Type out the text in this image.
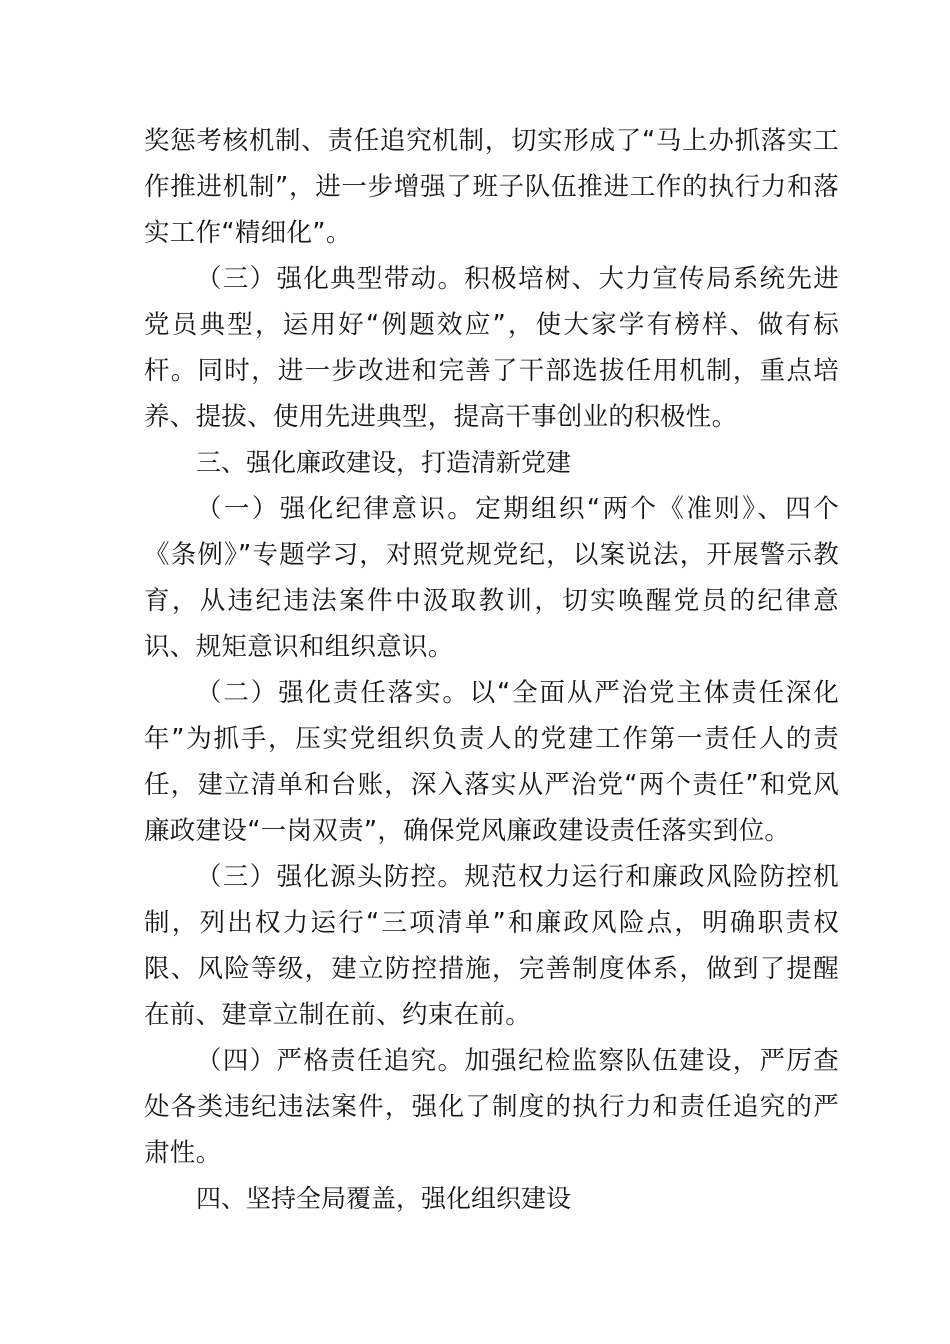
奖惩考核机制、责任追究机制，切实形成了“马上办抓落实工作推进机制”，进一步增强了班子队伍推进工作的执行力和落实工作“精细化”。

（三）强化典型带动。积极培树、大力宣传局系统先进党员典型，运用好“例题效应”，使大家学有榜样、做有标杆。同时，进一步改进和完善了干部选拔任用机制，重点培养、提拔、使用先进典型，提高干事创业的积极性。

三、强化廉政建设，打造清新党建

（一）强化纪律意识。定期组织“两个《准则》、四个《条例》”专题学习，对照党规党纪，以案说法，开展警示教育，从违纪违法案件中汲取教训，切实唤醒党员的纪律意识、规矩意识和组织意识。

（二）强化责任落实。以“全面从严治党主体责任深化年”为抓手，压实党组织负责人的党建工作第一责任人的责任，建立清单和台账，深入落实从严治党“两个责任”和党风廉政建设“一岗双责”，确保党风廉政建设责任落实到位。

（三）强化源头防控。规范权力运行和廉政风险防控机制，列出权力运行“三项清单”和廉政风险点，明确职责权限、风险等级，建立防控措施，完善制度体系，做到了提醒在前、建章立制在前、约束在前。

（四）严格责任追究。加强纪检监察队伍建设，严厉查处各类违纪违法案件，强化了制度的执行力和责任追究的严肃性。

四、坚持全局覆盖，强化组织建设
